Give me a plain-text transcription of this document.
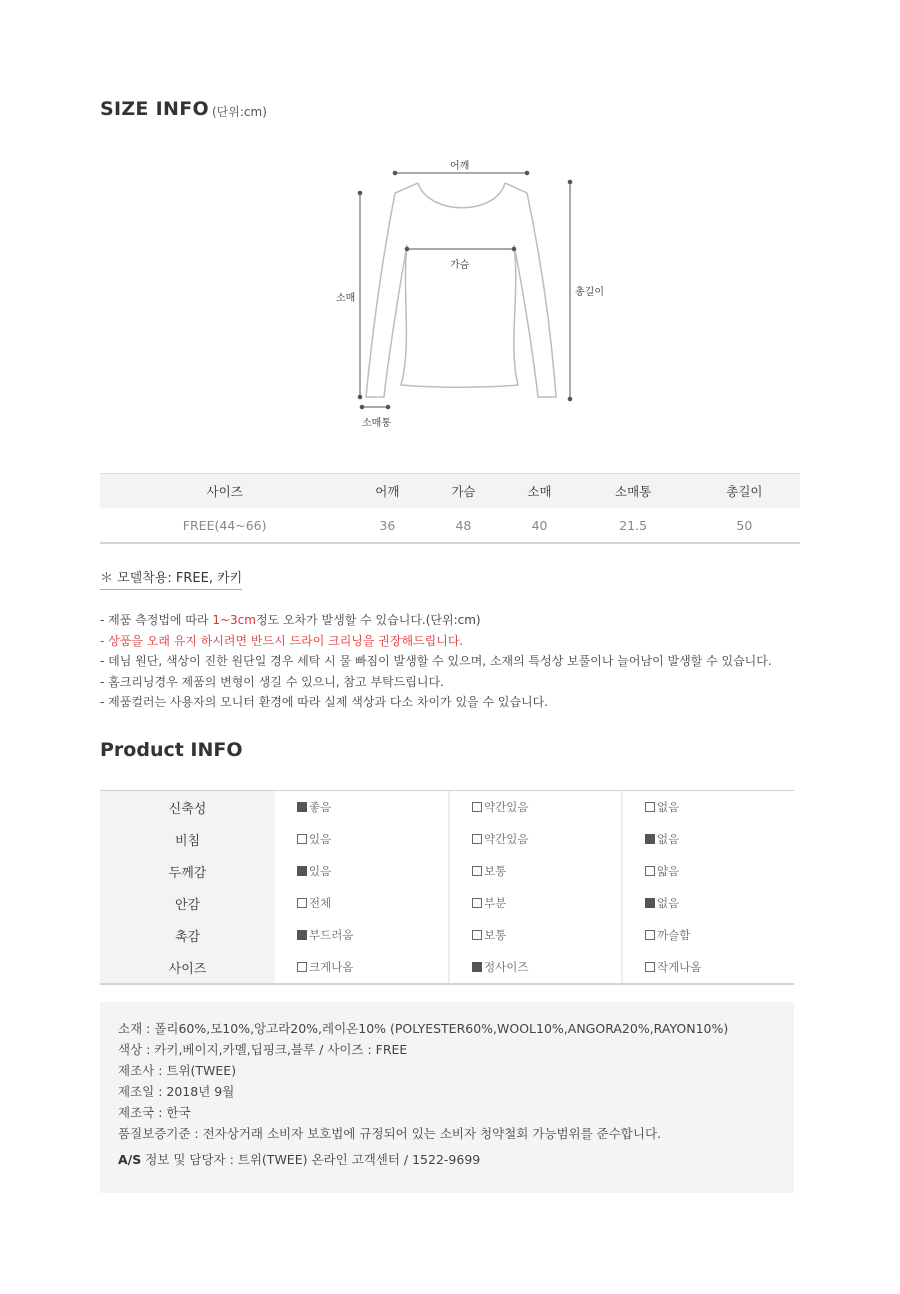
SIZE INFO (단위:cm)
어깨
가슴
소매
총길이
소매통
사이즈	어깨	가슴	소매	소매통	총길이
FREE(44~66)	36	48	40	21.5	50
＊ 모델착용: FREE, 카키
- 제품 측정법에 따라 1~3cm정도 오차가 발생할 수 있습니다.(단위:cm)
- 상품을 오래 유지 하시려면 반드시 드라이 크리닝을 권장해드립니다.
- 데님 원단, 색상이 진한 원단일 경우 세탁 시 물 빠짐이 발생할 수 있으며, 소재의 특성상 보풀이나 늘어남이 발생할 수 있습니다.
- 홈크리닝경우 제품의 변형이 생길 수 있으니, 참고 부탁드립니다.
- 제품컬러는 사용자의 모니터 환경에 따라 실제 색상과 다소 차이가 있을 수 있습니다.
Product INFO
신축성	좋음	약간있음	없음
비침	있음	약간있음	없음
두께감	있음	보통	얇음
안감	전체	부분	없음
촉감	부드러움	보통	까슬함
사이즈	크게나옴	정사이즈	작게나옴
소재 : 폴리60%,모10%,앙고라20%,레이온10% (POLYESTER60%,WOOL10%,ANGORA20%,RAYON10%)
색상 : 카키,베이지,카멜,딥핑크,블루 / 사이즈 : FREE
제조사 : 트위(TWEE)
제조일 : 2018년 9월
제조국 : 한국
품질보증기준 : 전자상거래 소비자 보호법에 규정되어 있는 소비자 청약철회 가능범위를 준수합니다.
A/S 정보 및 담당자 : 트위(TWEE) 온라인 고객센터 / 1522-9699
